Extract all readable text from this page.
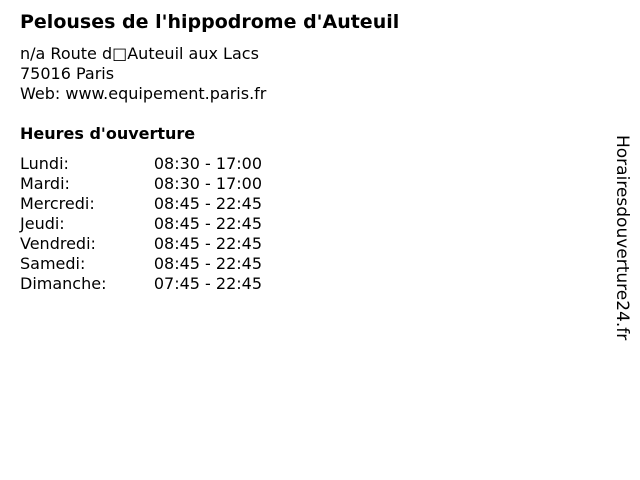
Pelouses de l'hippodrome d'Auteuil
n/a Route d□Auteuil aux Lacs
75016 Paris
Web: www.equipement.paris.fr
Heures d'ouverture
Lundi:	08:30 - 17:00
Mardi:	08:30 - 17:00
Mercredi:	08:45 - 22:45
Jeudi:	08:45 - 22:45
Vendredi:	08:45 - 22:45
Samedi:	08:45 - 22:45
Dimanche:	07:45 - 22:45	Horairesdouverture24.fr
